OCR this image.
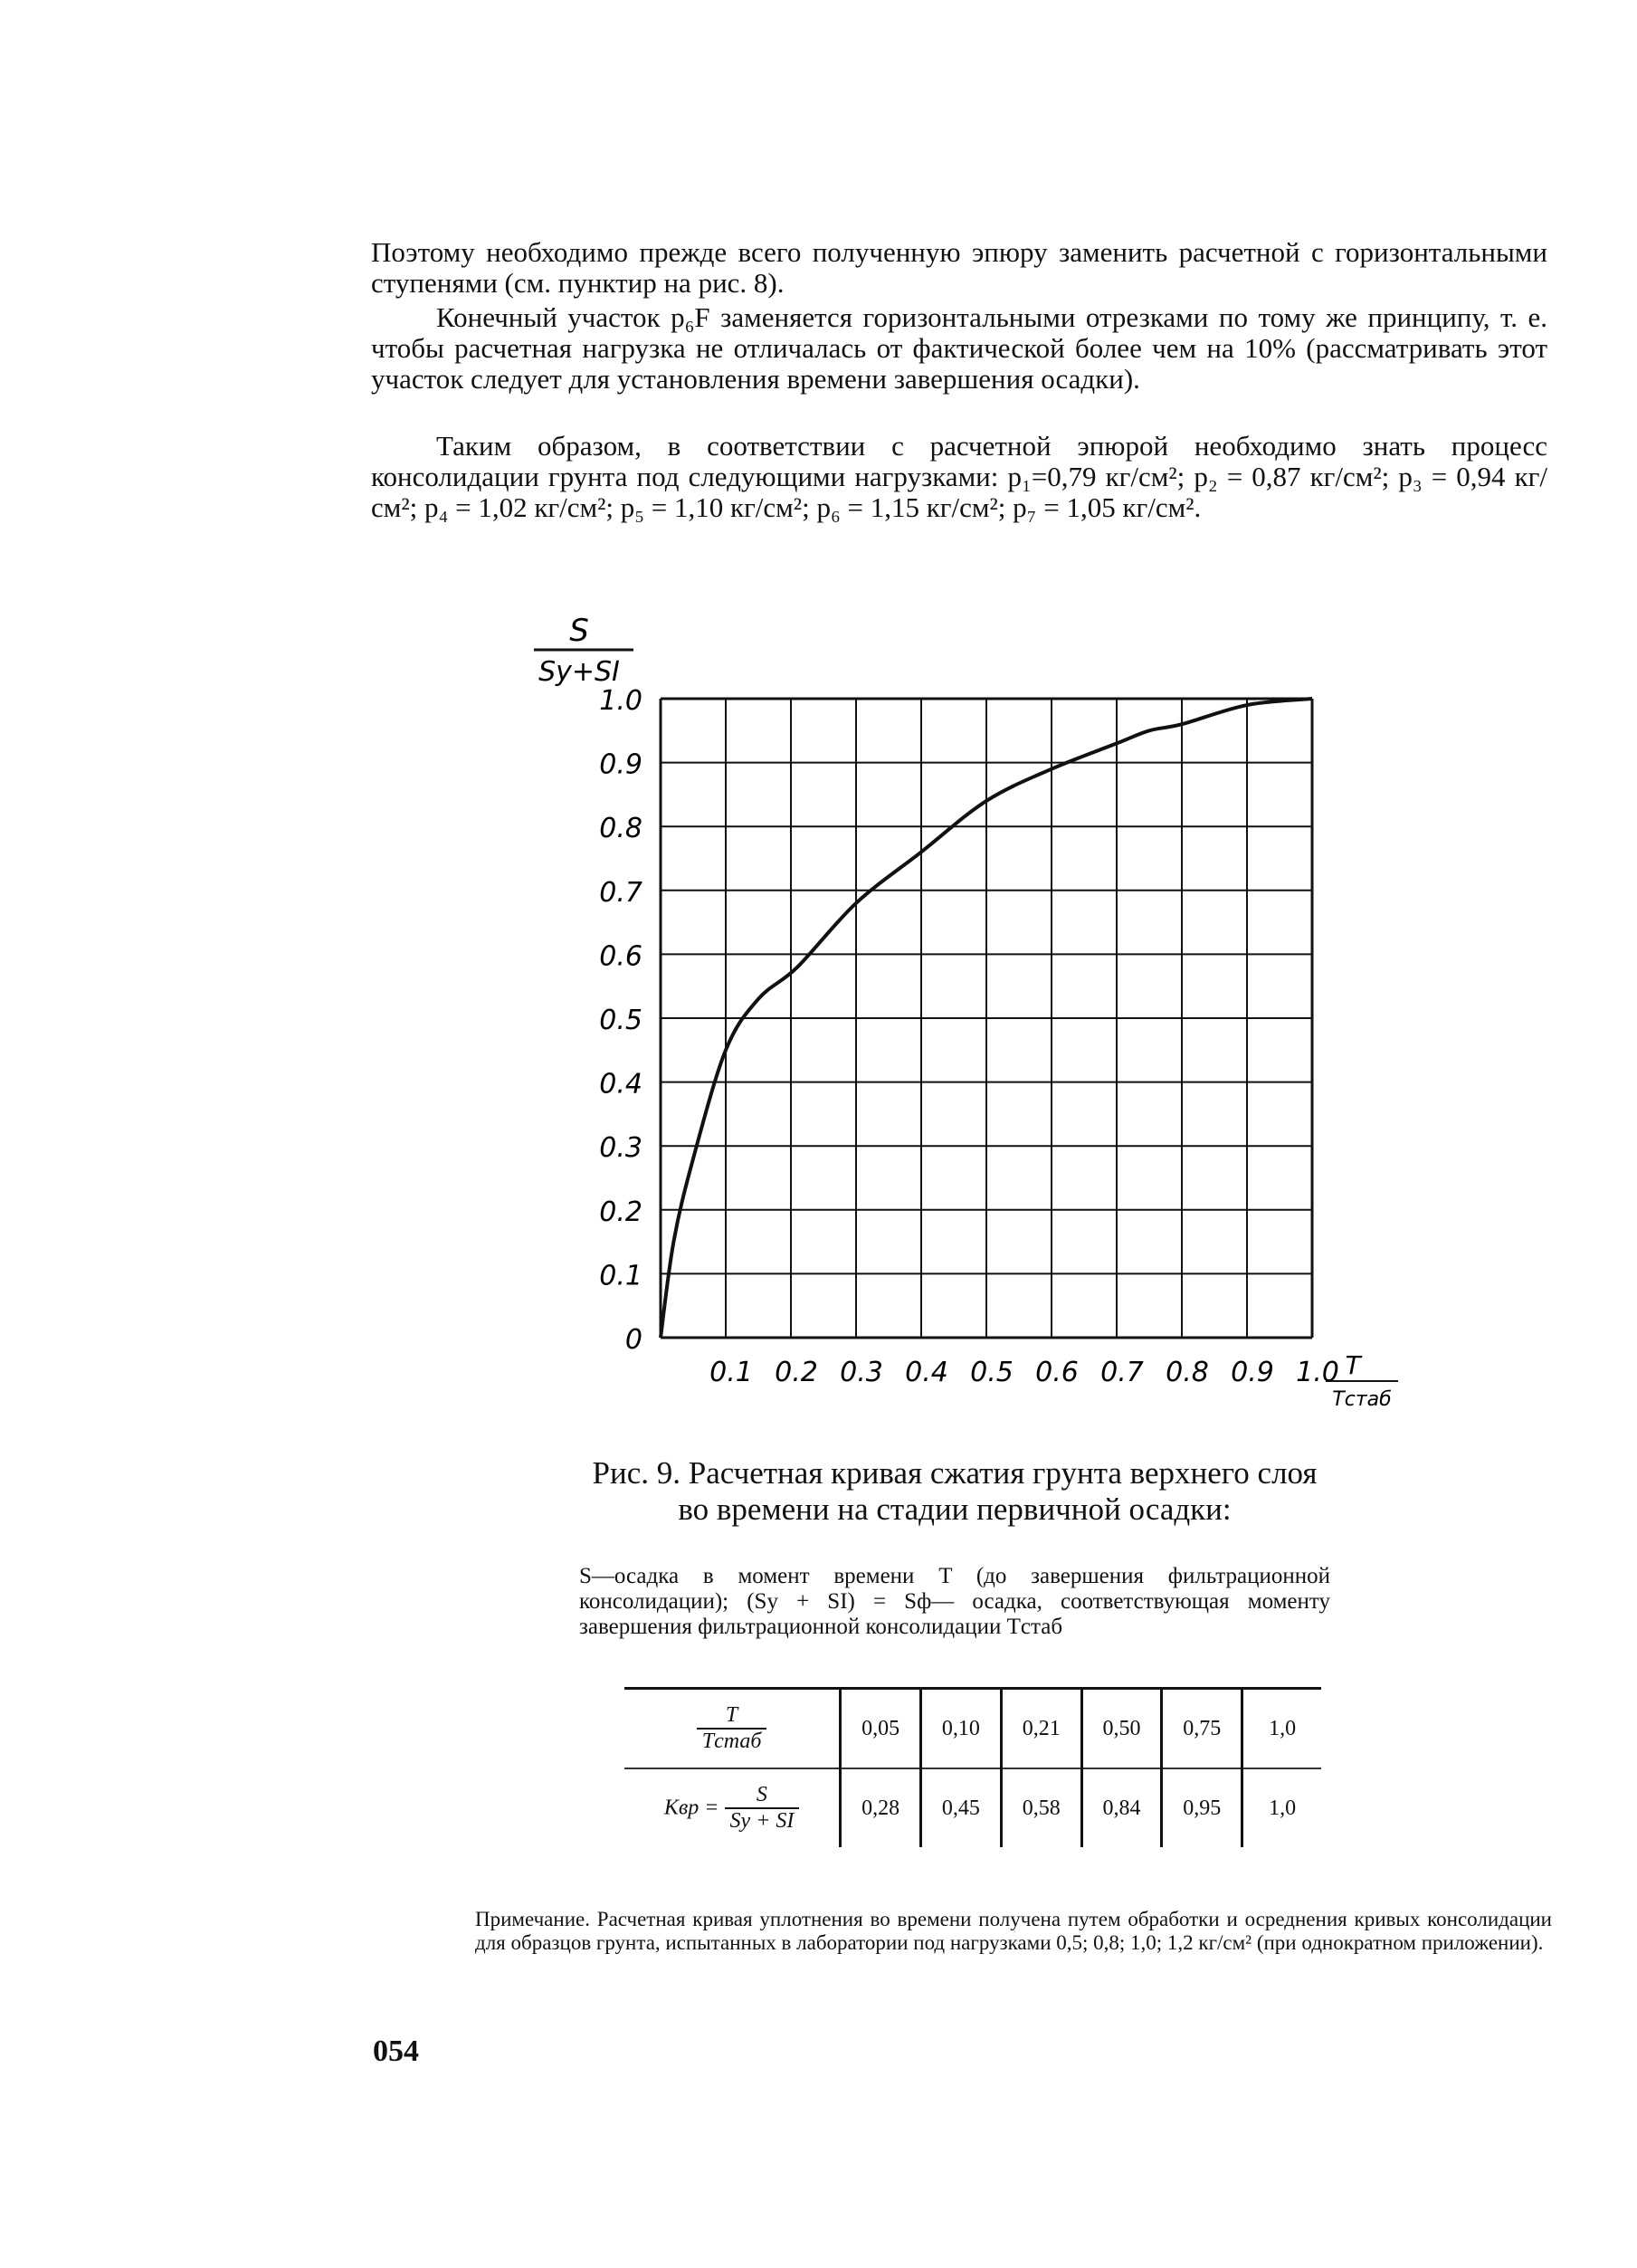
Поэтому необходимо прежде всего полученную эпюру заменить расчетной с горизонтальными ступенями (см. пунктир на рис. 8).
Конечный участок p₆F заменяется горизонтальными отрезками по тому же принципу, т. е. чтобы расчетная нагрузка не отличалась от фактической более чем на 10% (рассматривать этот участок следует для установления времени завершения осадки).
Таким образом, в соответствии с расчетной эпюрой необходимо знать процесс консолидации грунта под следующими нагрузками: p₁=0,79 кг/см²; p₂ = 0,87 кг/см²; p₃ = 0,94 кг/см²; p₄ = 1,02 кг/см²; p₅ = 1,10 кг/см²; p₆ = 1,15 кг/см²; p₇ = 1,05 кг/см².
S
Sy+SI
T
Tстаб
0
0.1
0.2
0.3
0.4
0.5
0.6
0.7
0.8
0.9
1.0
0.1 0.2 0.3 0.4 0.5 0.6 0.7 0.8 0.9 1.0
Рис. 9. Расчетная кривая сжатия грунта верхнего слоя во времени на стадии первичной осадки:
S—осадка в момент времени T (до завершения фильтрационной консолидации); (Sy + SI) = Sф— осадка, соответствующая моменту завершения фильтрационной консолидации Tстаб
$\frac{T}{\text{Tстаб}}$	0,05	0,10	0,21	0,50	0,75	1,0
Kвр = $\frac{S}{Sy + SI}$	0,28	0,45	0,58	0,84	0,95	1,0
Примечание. Расчетная кривая уплотнения во времени получена путем обработки и осреднения кривых консолидации для образцов грунта, испытанных в лаборатории под нагрузками 0,5; 0,8; 1,0; 1,2 кг/см² (при однократном приложении).
054
